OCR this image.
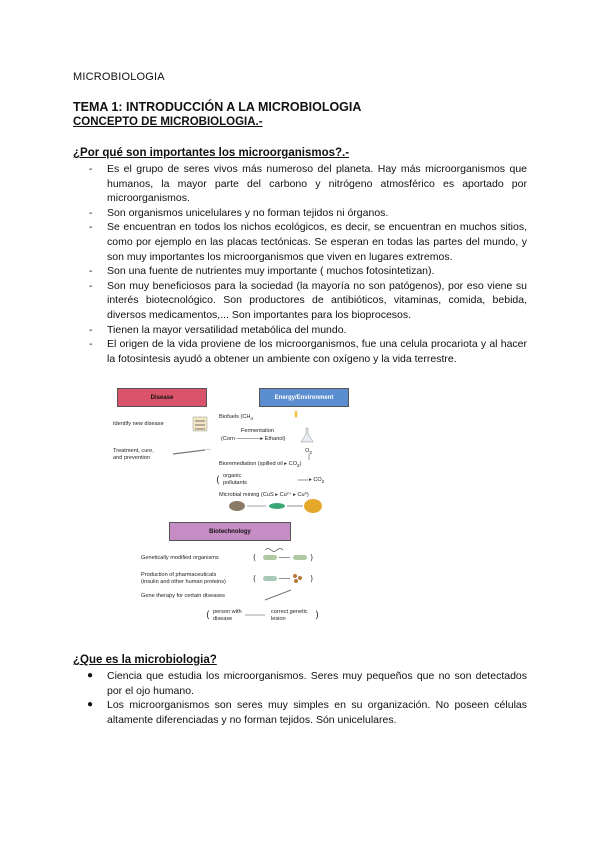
MICROBIOLOGIA
TEMA 1: INTRODUCCIÓN A LA MICROBIOLOGIA
CONCEPTO DE MICROBIOLOGIA.-
¿Por qué son importantes los microorganismos?.-
- Es el grupo de seres vivos más numeroso del planeta. Hay más microorganismos que humanos, la mayor parte del carbono y nitrógeno atmosférico es aportado por microorganismos.
- Son organismos unicelulares y no forman tejidos ni órganos.
- Se encuentran en todos los nichos ecológicos, es decir, se encuentran en muchos sitios, como por ejemplo en las placas tectónicas. Se esperan en todas las partes del mundo, y son muy importantes los microorganismos que viven en lugares extremos.
- Son una fuente de nutrientes muy importante ( muchos fotosintetizan).
- Son muy beneficiosos para la sociedad (la mayoría no son patógenos), por eso viene su interés biotecnológico. Son productores de antibióticos, vitaminas, comida, bebida, diversos medicamentos,... Son importantes para los bioprocesos.
- Tienen la mayor versatilidad metabólica del mundo.
- El origen de la vida proviene de los microorganismos, fue una celula procariota y al hacer la fotosintesis ayudó a obtener un ambiente con oxígeno y la vida terrestre.
(	)
(	)
(	)
(
Disease	Energy/Environment
Biotechnology
Identify new disease
Treatment, cure,
and prevention
Biofuels ($CH_4$
Fermentation
(Corn ──────▸ Ethanol)
$O_2$
Bioremediation (spilled oil ▸ $CO_2$)
organic
pollutants	▸ $CO_2$
Microbial mining (CuS ▸ Cu²⁺ ▸ Cu⁰)
Genetically modified organisms
Production of pharmaceuticals
(insulin and other human proteins)
Gene therapy for certain diseases
person with
disease
correct genetic
lesion
¿Que es la microbiologia?
● Ciencia que estudia los microorganismos. Seres muy pequeños que no son detectados por el ojo humano.
● Los microorganismos son seres muy simples en su organización. No poseen células altamente diferenciadas y no forman tejidos. Són unicelulares.
